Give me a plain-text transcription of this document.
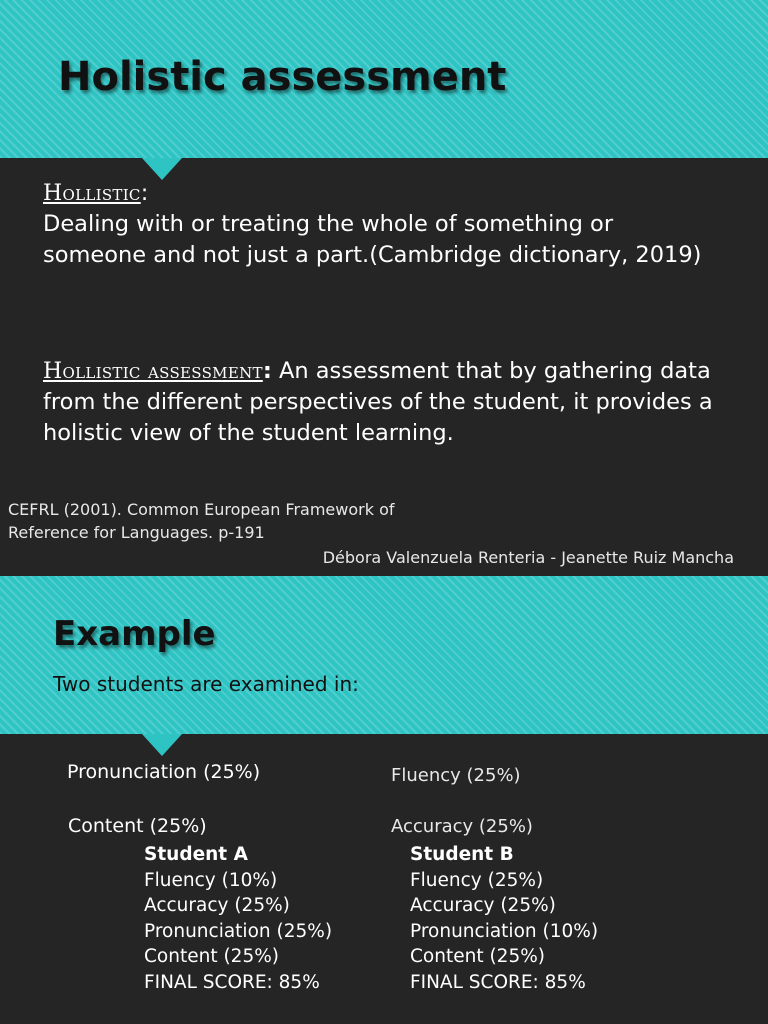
Holistic assessment
Hollistic:
Dealing with or treating the whole of something or someone and not just a part.(Cambridge dictionary, 2019)
Hollistic assessment: An assessment that by gathering data from the different perspectives of the student, it provides a holistic view of the student learning.
CEFRL (2001). Common European Framework of Reference for Languages. p-191
Débora Valenzuela Renteria - Jeanette Ruiz Mancha
Example
Two students are examined in:
Pronunciation (25%)	Fluency (25%)
Content (25%)	Accuracy (25%)
Student A
Fluency (10%)
Accuracy (25%)
Pronunciation (25%)
Content (25%)
FINAL SCORE: 85%
Student B
Fluency (25%)
Accuracy (25%)
Pronunciation (10%)
Content (25%)
FINAL SCORE: 85%
